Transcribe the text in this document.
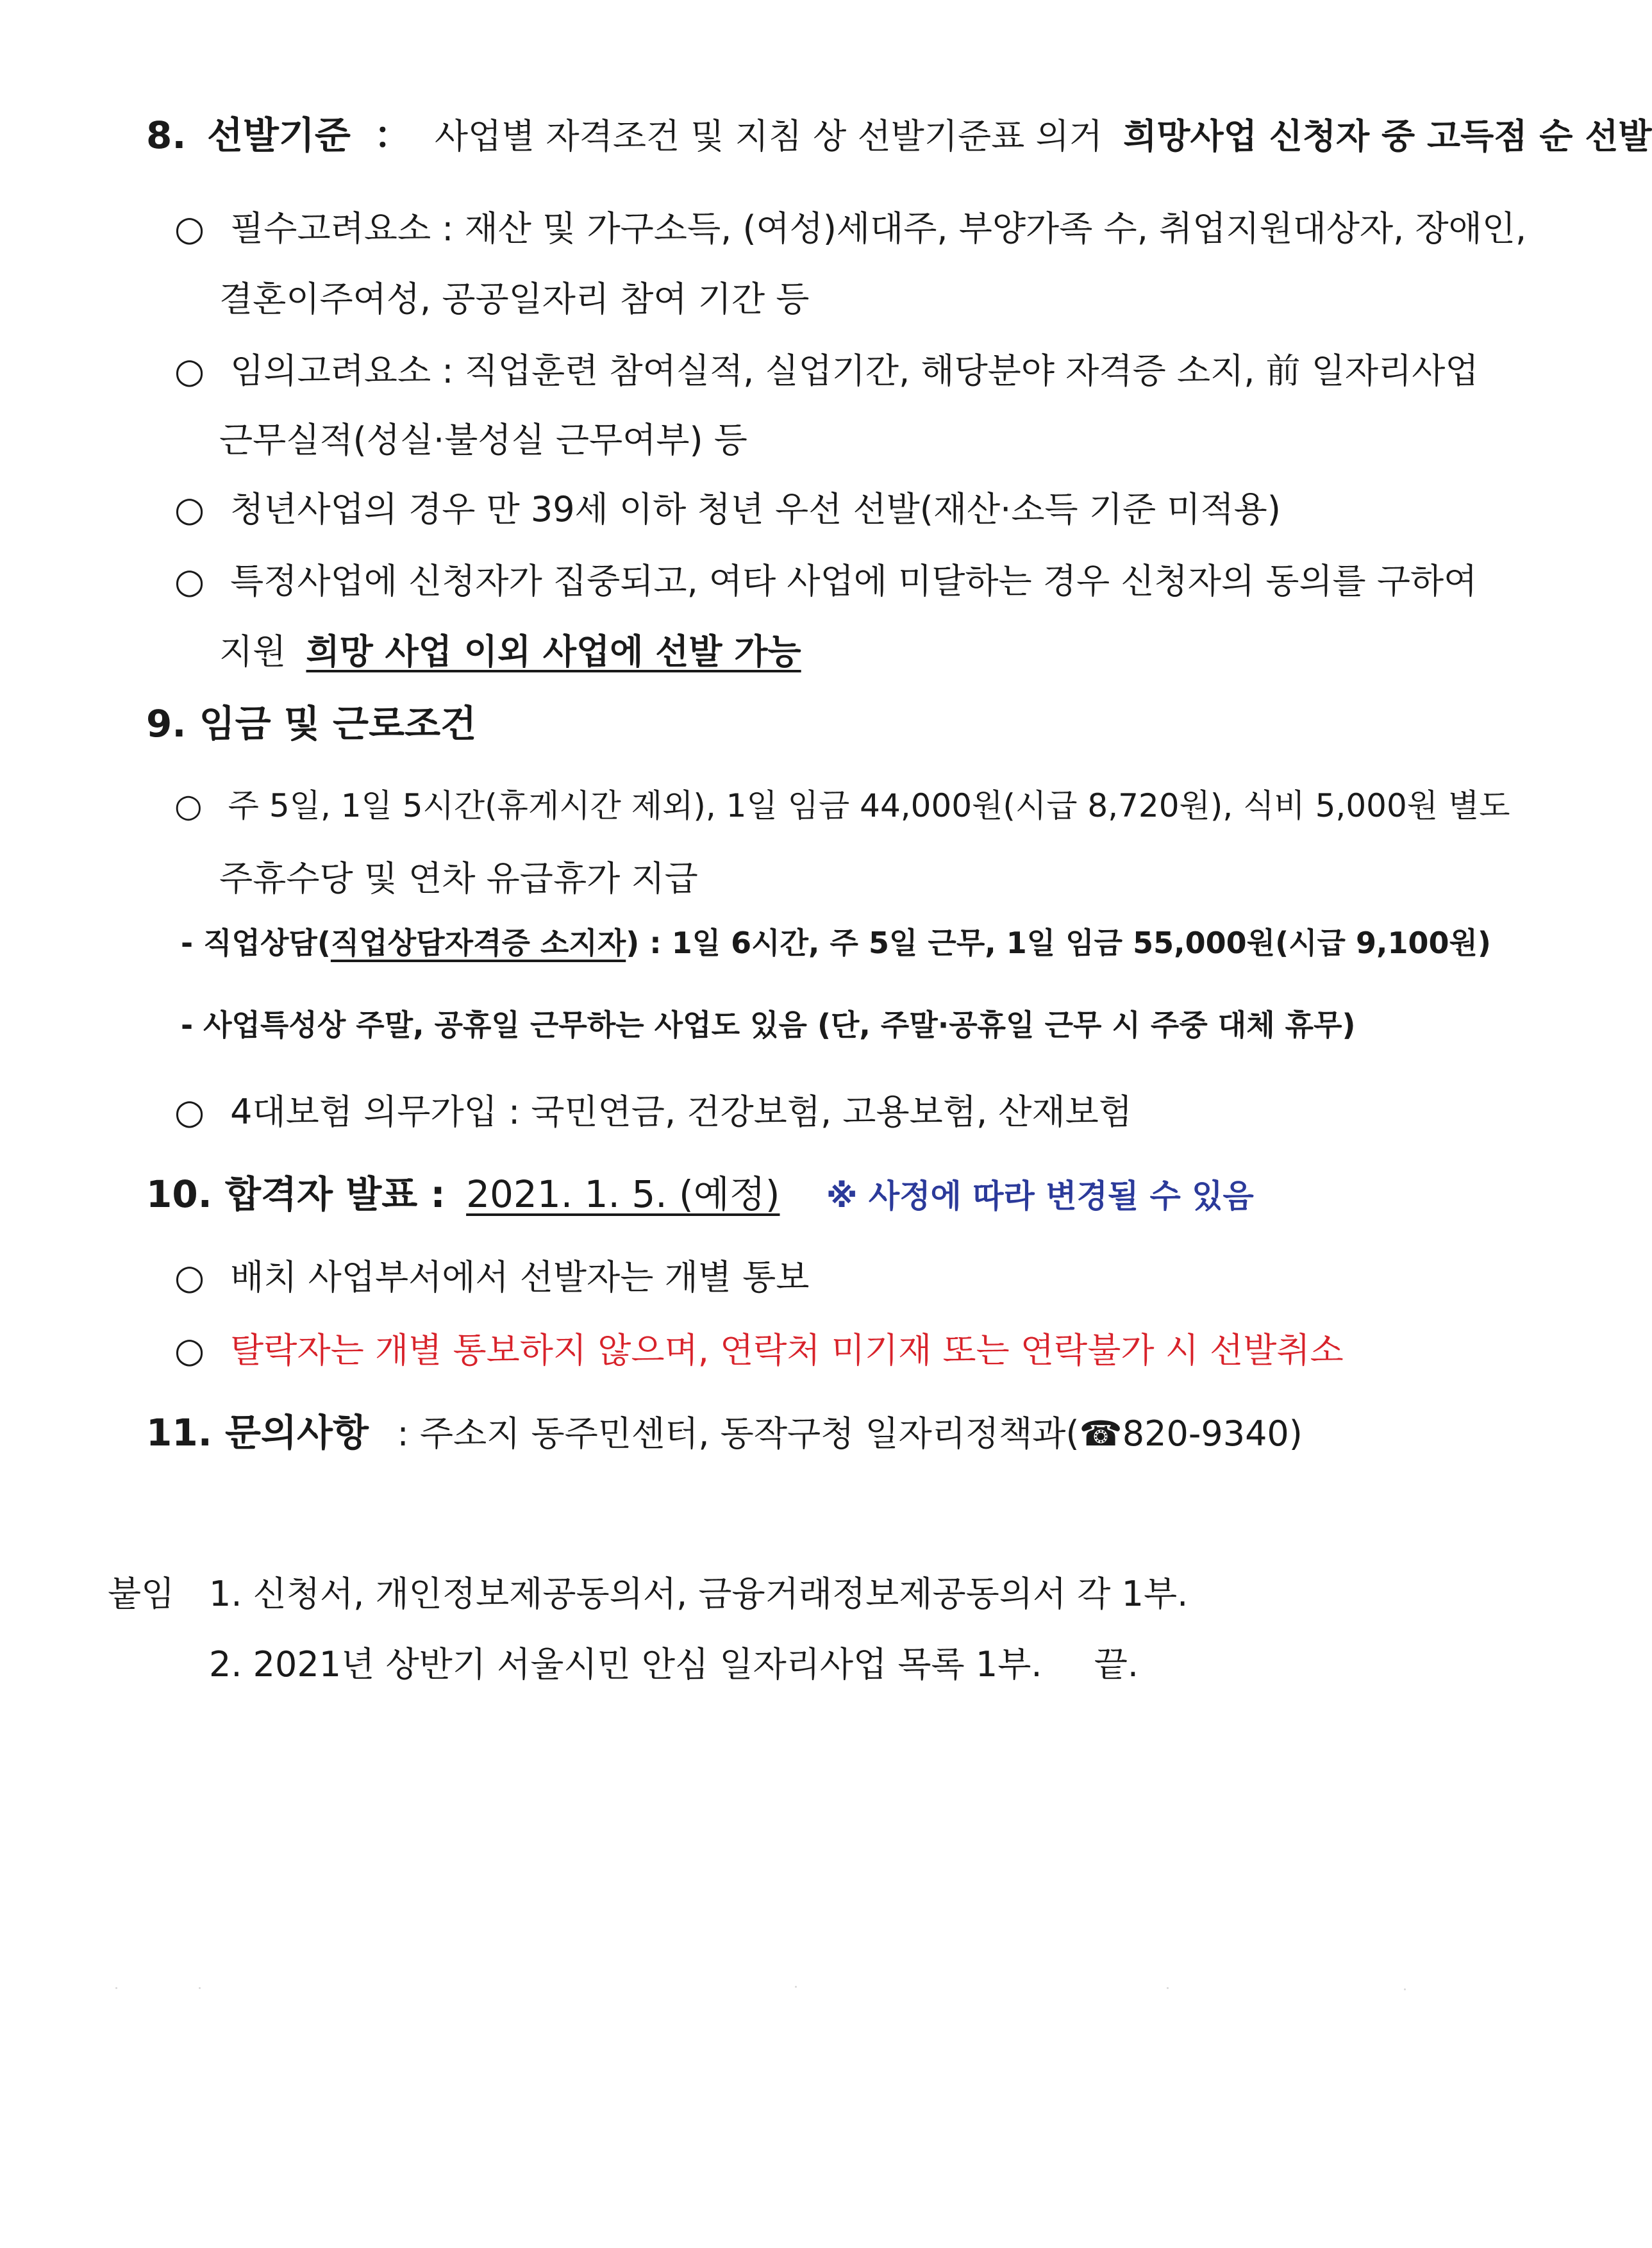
8. 선발기준 ： 사업별 자격조건 및 지침 상 선발기준표 의거 희망사업 신청자 중 고득점 순 선발
○ 필수고려요소 : 재산 및 가구소득, (여성)세대주, 부양가족 수, 취업지원대상자, 장애인,
결혼이주여성, 공공일자리 참여 기간 등
○ 임의고려요소 : 직업훈련 참여실적, 실업기간, 해당분야 자격증 소지, 前 일자리사업
근무실적(성실·불성실 근무여부) 등
○ 청년사업의 경우 만 39세 이하 청년 우선 선발(재산·소득 기준 미적용)
○ 특정사업에 신청자가 집중되고, 여타 사업에 미달하는 경우 신청자의 동의를 구하여
지원 희망 사업 이외 사업에 선발 가능
9. 임금 및 근로조건
○ 주 5일, 1일 5시간(휴게시간 제외), 1일 임금 44,000원(시급 8,720원), 식비 5,000원 별도
주휴수당 및 연차 유급휴가 지급
- 직업상담(직업상담자격증 소지자) : 1일 6시간, 주 5일 근무, 1일 임금 55,000원(시급 9,100원)
- 사업특성상 주말, 공휴일 근무하는 사업도 있음 (단, 주말·공휴일 근무 시 주중 대체 휴무)
○ 4대보험 의무가입 : 국민연금, 건강보험, 고용보험, 산재보험
10. 합격자 발표 : 2021. 1. 5. (예정) ※ 사정에 따라 변경될 수 있음
○ 배치 사업부서에서 선발자는 개별 통보
○ 탈락자는 개별 통보하지 않으며, 연락처 미기재 또는 연락불가 시 선발취소
11. 문의사항 : 주소지 동주민센터, 동작구청 일자리정책과(☎820-9340)
붙임 1. 신청서, 개인정보제공동의서, 금융거래정보제공동의서 각 1부.
2. 2021년 상반기 서울시민 안심 일자리사업 목록 1부. 끝.
